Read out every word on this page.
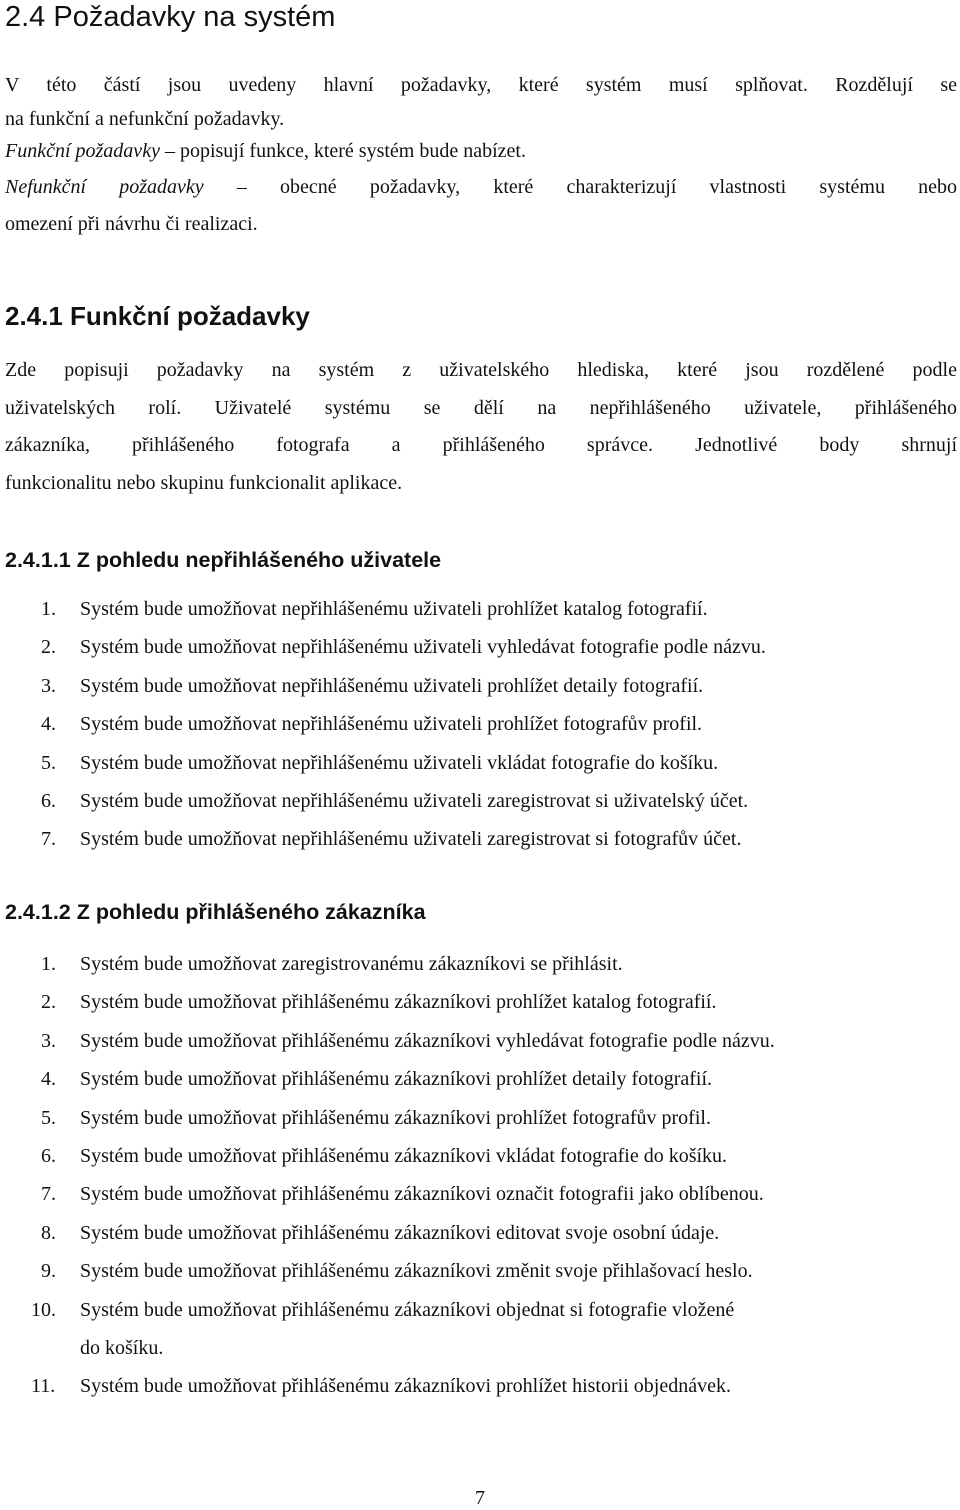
2.4 Požadavky na systém
V této částí jsou uvedeny hlavní požadavky, které systém musí splňovat. Rozdělují se
na funkční a nefunkční požadavky.
Funkční požadavky – popisují funkce, které systém bude nabízet.
Nefunkční požadavky – obecné požadavky, které charakterizují vlastnosti systému nebo
omezení při návrhu či realizaci.
2.4.1 Funkční požadavky
Zde popisuji požadavky na systém z uživatelského hlediska, které jsou rozdělené podle
uživatelských rolí. Uživatelé systému se dělí na nepřihlášeného uživatele, přihlášeného
zákazníka, přihlášeného fotografa a přihlášeného správce. Jednotlivé body shrnují
funkcionalitu nebo skupinu funkcionalit aplikace.
2.4.1.1 Z pohledu nepřihlášeného uživatele
1. Systém bude umožňovat nepřihlášenému uživateli prohlížet katalog fotografií.
2. Systém bude umožňovat nepřihlášenému uživateli vyhledávat fotografie podle názvu.
3. Systém bude umožňovat nepřihlášenému uživateli prohlížet detaily fotografií.
4. Systém bude umožňovat nepřihlášenému uživateli prohlížet fotografův profil.
5. Systém bude umožňovat nepřihlášenému uživateli vkládat fotografie do košíku.
6. Systém bude umožňovat nepřihlášenému uživateli zaregistrovat si uživatelský účet.
7. Systém bude umožňovat nepřihlášenému uživateli zaregistrovat si fotografův účet.
2.4.1.2 Z pohledu přihlášeného zákazníka
1. Systém bude umožňovat zaregistrovanému zákazníkovi se přihlásit.
2. Systém bude umožňovat přihlášenému zákazníkovi prohlížet katalog fotografií.
3. Systém bude umožňovat přihlášenému zákazníkovi vyhledávat fotografie podle názvu.
4. Systém bude umožňovat přihlášenému zákazníkovi prohlížet detaily fotografií.
5. Systém bude umožňovat přihlášenému zákazníkovi prohlížet fotografův profil.
6. Systém bude umožňovat přihlášenému zákazníkovi vkládat fotografie do košíku.
7. Systém bude umožňovat přihlášenému zákazníkovi označit fotografii jako oblíbenou.
8. Systém bude umožňovat přihlášenému zákazníkovi editovat svoje osobní údaje.
9. Systém bude umožňovat přihlášenému zákazníkovi změnit svoje přihlašovací heslo.
10. Systém bude umožňovat přihlášenému zákazníkovi objednat si fotografie vložené
do košíku.
11. Systém bude umožňovat přihlášenému zákazníkovi prohlížet historii objednávek.
7
